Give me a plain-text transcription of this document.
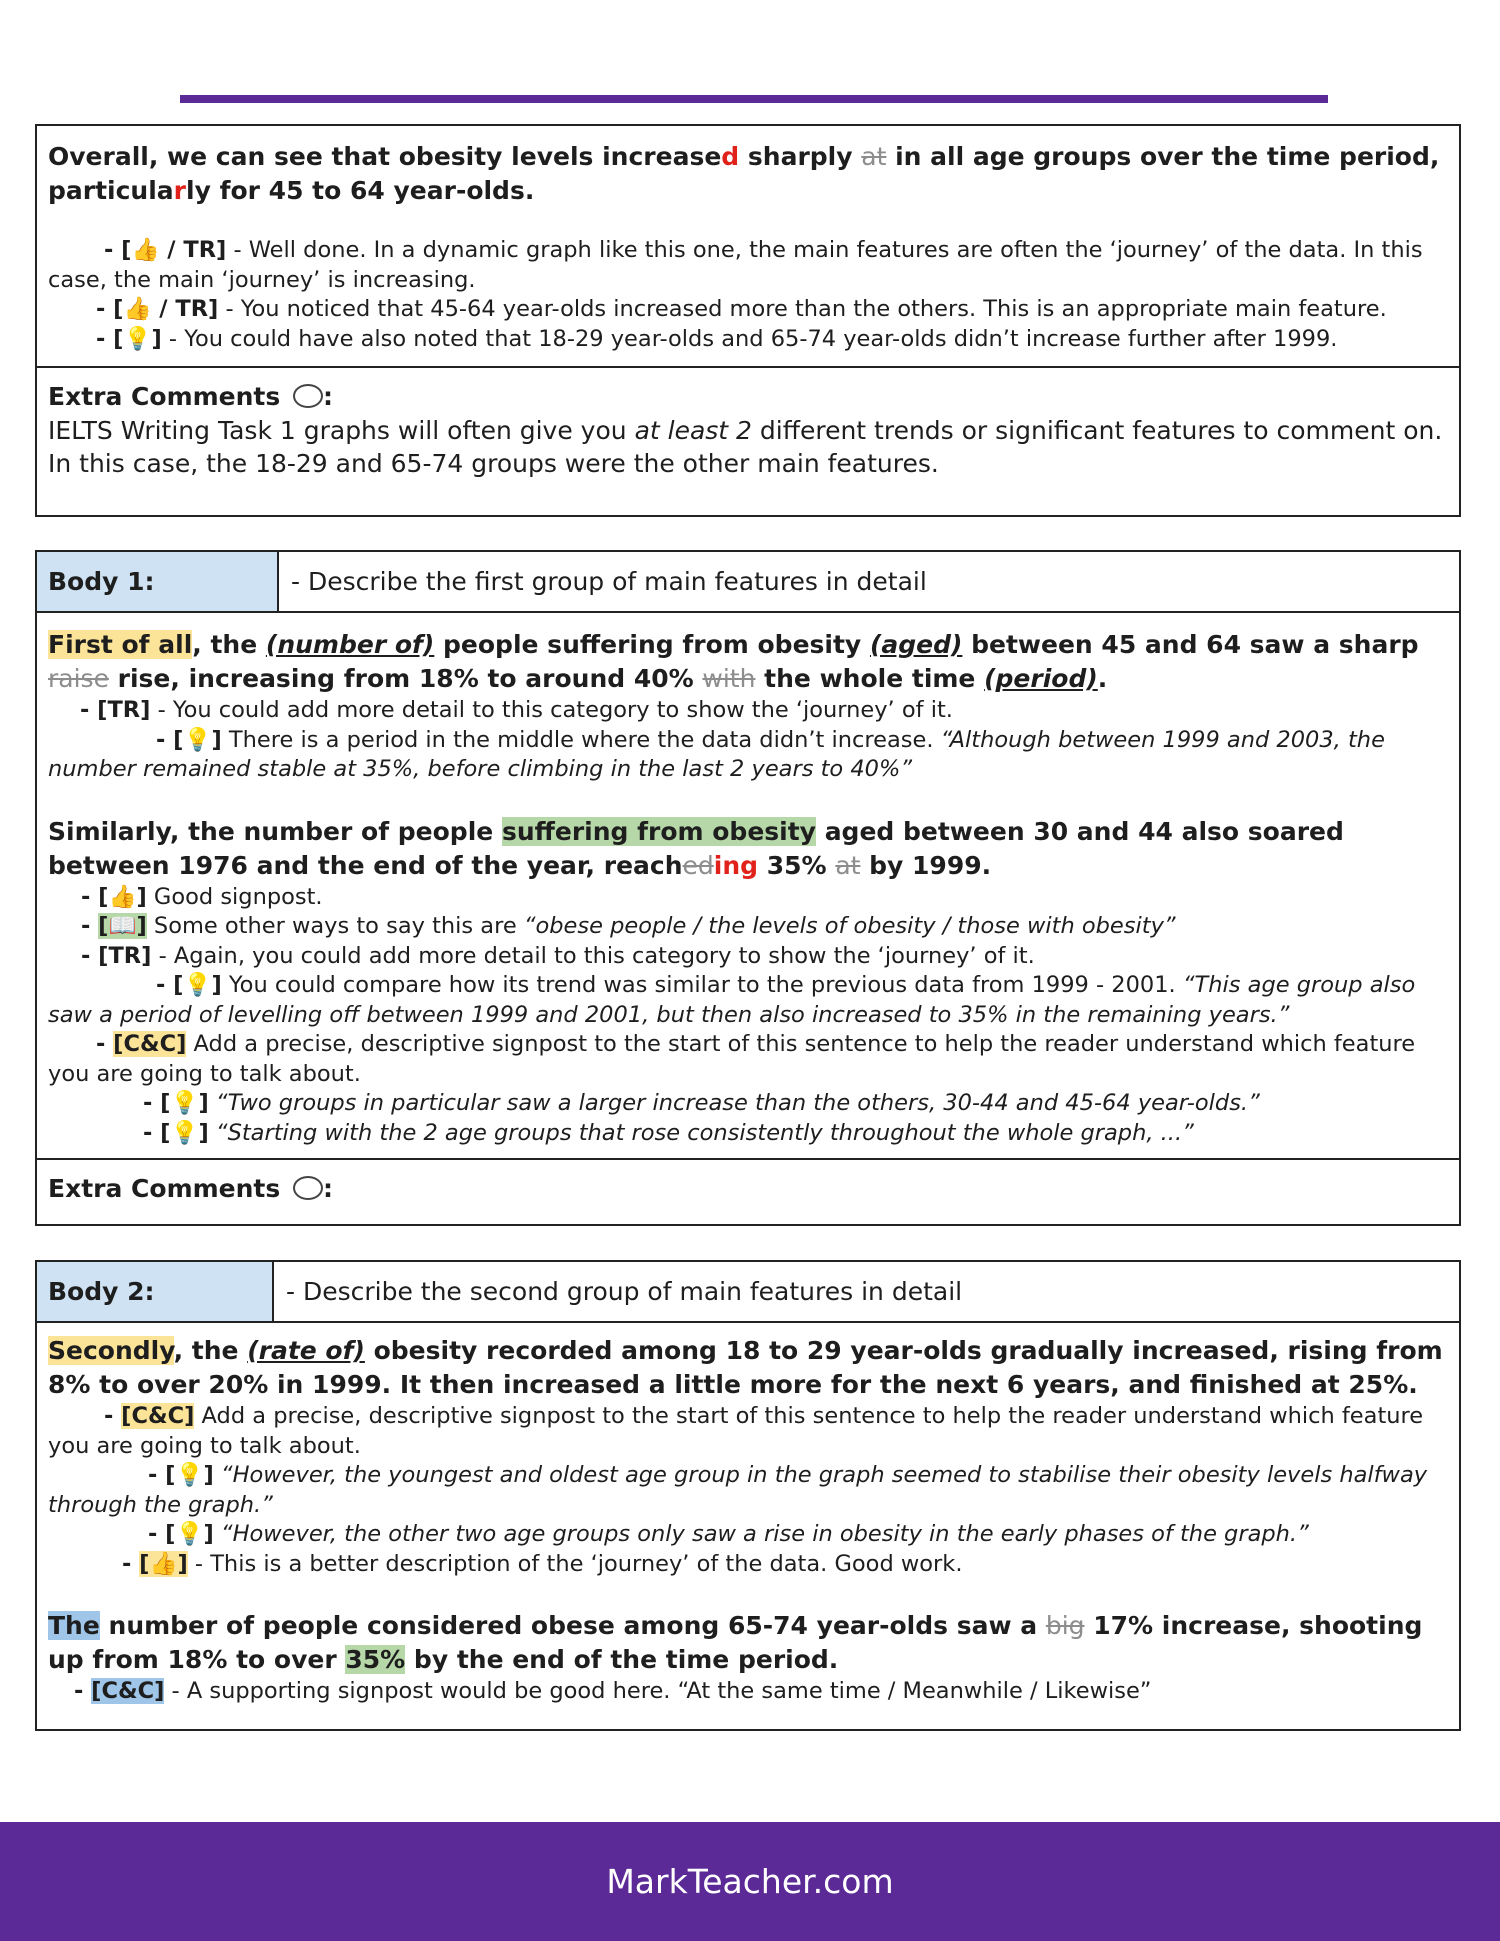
Overall, we can see that obesity levels increased sharply at in all age groups over the time period, particularly for 45 to 64 year-olds.
- [👍 / TR] - Well done. In a dynamic graph like this one, the main features are often the ‘journey’ of the data. In this case, the main ‘journey’ is increasing.
- [👍 / TR] - You noticed that 45-64 year-olds increased more than the others. This is an appropriate main feature.
- [💡] - You could have also noted that 18-29 year-olds and 65-74 year-olds didn’t increase further after 1999.
Extra Comments :
IELTS Writing Task 1 graphs will often give you at least 2 different trends or significant features to comment on. In this case, the 18-29 and 65-74 groups were the other main features.
Body 1:	- Describe the first group of main features in detail
First of all, the (number of) people suffering from obesity (aged) between 45 and 64 saw a sharp raise rise, increasing from 18% to around 40% with the whole time (period).
- [TR] - You could add more detail to this category to show the ‘journey’ of it.
- [💡] There is a period in the middle where the data didn’t increase. “Although between 1999 and 2003, the number remained stable at 35%, before climbing in the last 2 years to 40%”
Similarly, the number of people suffering from obesity aged between 30 and 44 also soared between 1976 and the end of the year, reacheding 35% at by 1999.
- [👍] Good signpost.
- [📖] Some other ways to say this are “obese people / the levels of obesity / those with obesity”
- [TR] - Again, you could add more detail to this category to show the ‘journey’ of it.
- [💡] You could compare how its trend was similar to the previous data from 1999 - 2001. “This age group also saw a period of levelling off between 1999 and 2001, but then also increased to 35% in the remaining years.”
- [C&C] Add a precise, descriptive signpost to the start of this sentence to help the reader understand which feature you are going to talk about.
- [💡] “Two groups in particular saw a larger increase than the others, 30-44 and 45-64 year-olds.”
- [💡] “Starting with the 2 age groups that rose consistently throughout the whole graph, ...”
Extra Comments :
Body 2:	- Describe the second group of main features in detail
Secondly, the (rate of) obesity recorded among 18 to 29 year-olds gradually increased, rising from 8% to over 20% in 1999. It then increased a little more for the next 6 years, and finished at 25%.
- [C&C] Add a precise, descriptive signpost to the start of this sentence to help the reader understand which feature you are going to talk about.
- [💡] “However, the youngest and oldest age group in the graph seemed to stabilise their obesity levels halfway through the graph.”
- [💡] “However, the other two age groups only saw a rise in obesity in the early phases of the graph.”
- [👍] - This is a better description of the ‘journey’ of the data. Good work.
The number of people considered obese among 65-74 year-olds saw a big 17% increase, shooting up from 18% to over 35% by the end of the time period.
- [C&C] - A supporting signpost would be good here. “At the same time / Meanwhile / Likewise”
MarkTeacher.com
